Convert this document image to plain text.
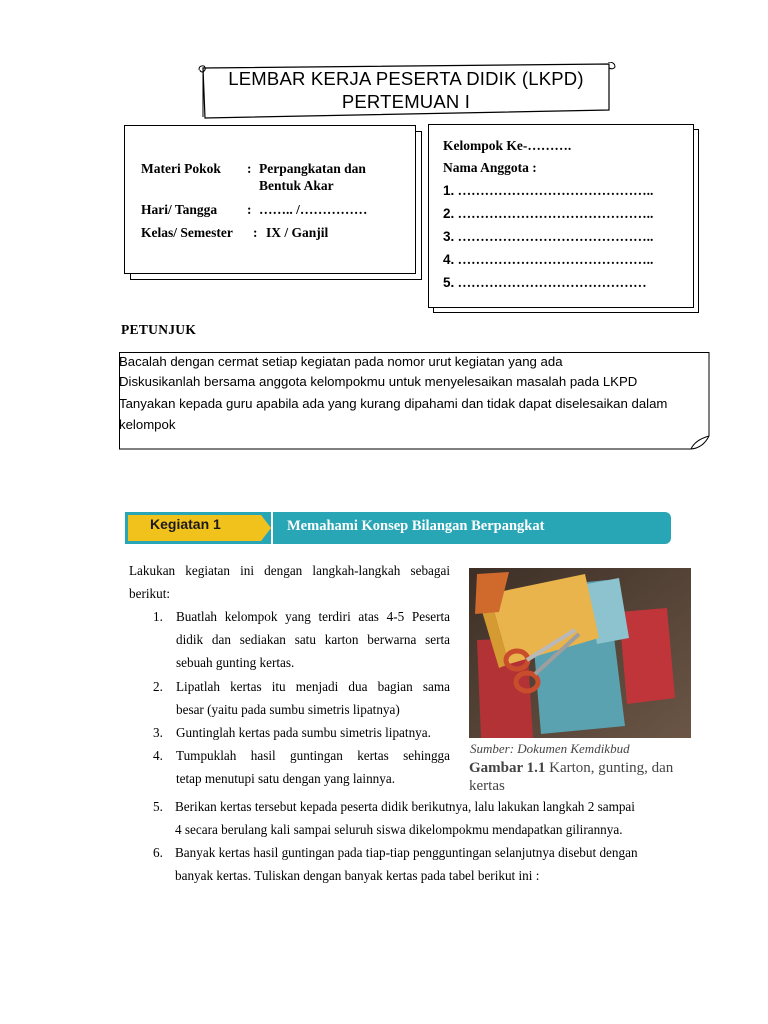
LEMBAR KERJA PESERTA DIDIK (LKPD)
PERTEMUAN I
Materi Pokok : Perpangkatan dan
Bentuk Akar
Hari/ Tangga : …….. /……………
Kelas/ Semester : IX / Ganjil
Kelompok Ke-……….
Nama Anggota :
1. ……………………………………..
2. ……………………………………..
3. ……………………………………..
4. ……………………………………..
5. ……………………………………
PETUNJUK
Bacalah dengan cermat setiap kegiatan pada nomor urut kegiatan yang ada
Diskusikanlah bersama anggota kelompokmu untuk menyelesaikan masalah pada LKPD
Tanyakan kepada guru apabila ada yang kurang dipahami dan tidak dapat diselesaikan dalam
kelompok
Kegiatan 1	Memahami Konsep Bilangan Berpangkat
Lakukan kegiatan ini dengan langkah-langkah sebagai
berikut:
1. Buatlah kelompok yang terdiri atas 4-5 Peserta
didik dan sediakan satu karton berwarna serta
sebuah gunting kertas.
2. Lipatlah kertas itu menjadi dua bagian sama
besar (yaitu pada sumbu simetris lipatnya)
3. Guntinglah kertas pada sumbu simetris lipatnya.
4. Tumpuklah hasil guntingan kertas sehingga
tetap menutupi satu dengan yang lainnya.
5. Berikan kertas tersebut kepada peserta didik berikutnya, lalu lakukan langkah 2 sampai
4 secara berulang kali sampai seluruh siswa dikelompokmu mendapatkan gilirannya.
6. Banyak kertas hasil guntingan pada tiap-tiap pengguntingan selanjutnya disebut dengan
banyak kertas. Tuliskan dengan banyak kertas pada tabel berikut ini :
Sumber: Dokumen Kemdikbud
Gambar 1.1 Karton, gunting, dan
kertas
